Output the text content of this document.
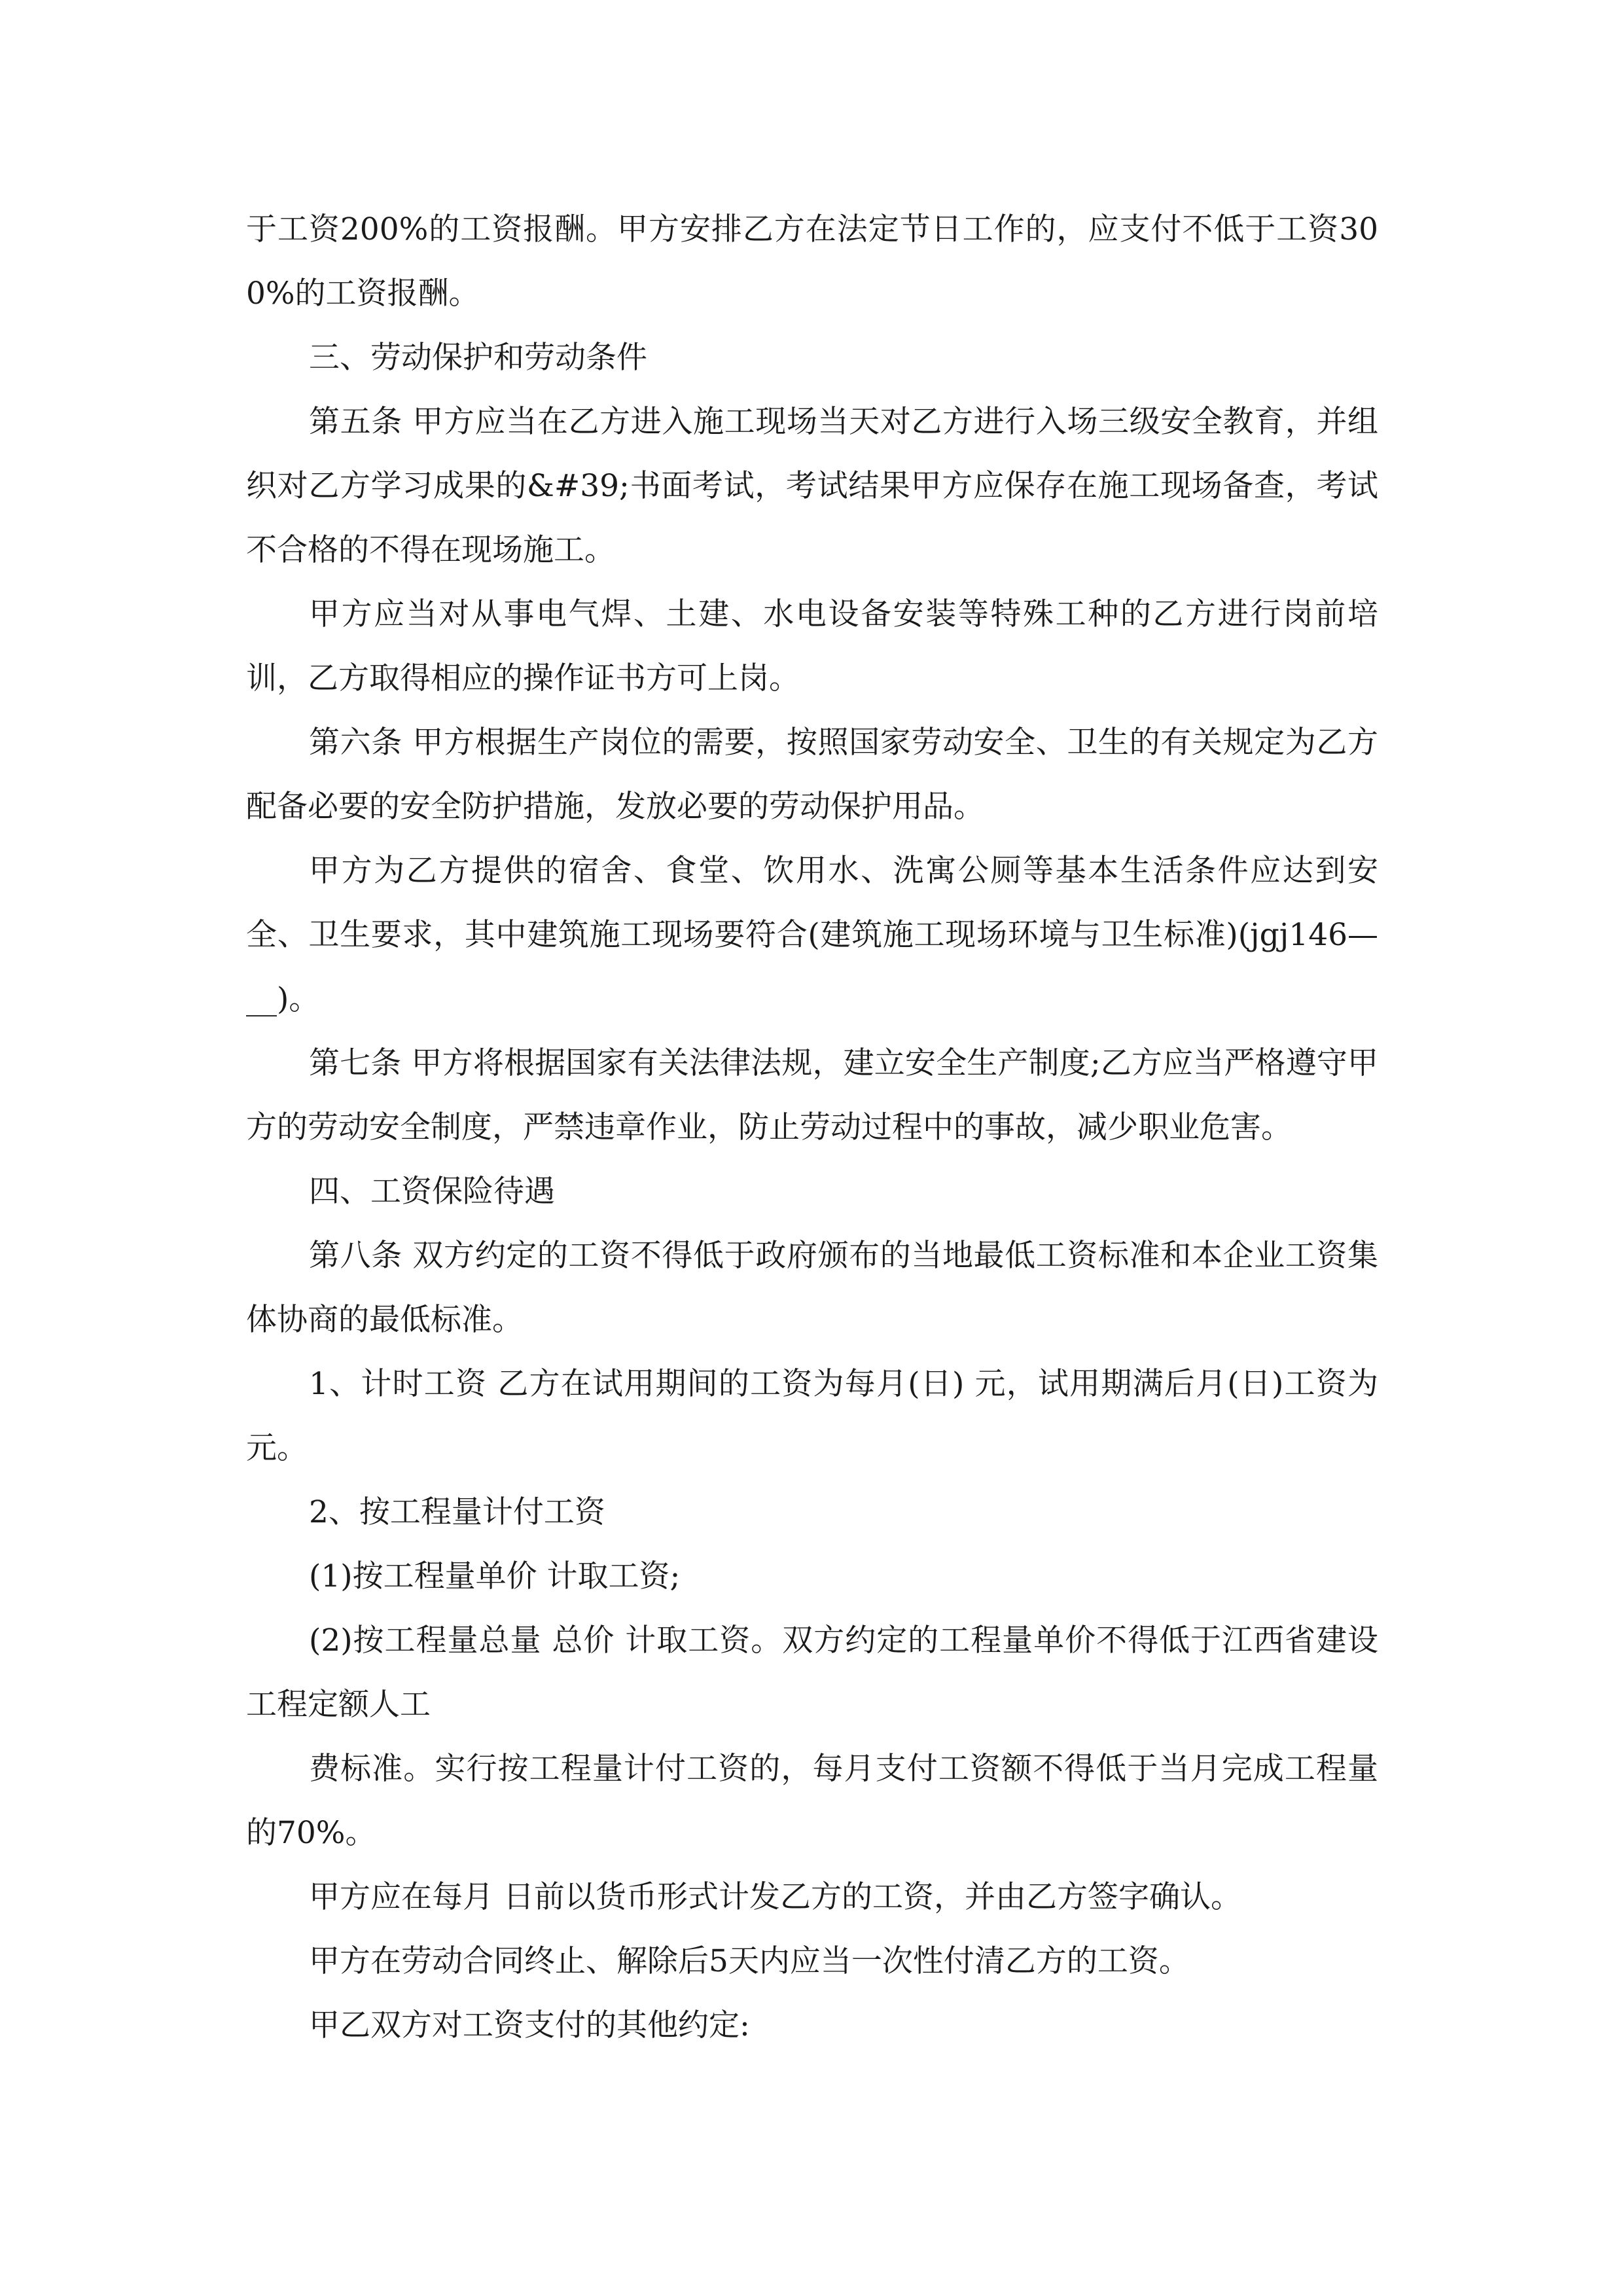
于工资200%的工资报酬。甲方安排乙方在法定节日工作的，应支付不低于工资300%的工资报酬。

三、劳动保护和劳动条件

第五条 甲方应当在乙方进入施工现场当天对乙方进行入场三级安全教育，并组织对乙方学习成果的&#39;书面考试，考试结果甲方应保存在施工现场备查，考试不合格的不得在现场施工。

甲方应当对从事电气焊、土建、水电设备安装等特殊工种的乙方进行岗前培训，乙方取得相应的操作证书方可上岗。

第六条 甲方根据生产岗位的需要，按照国家劳动安全、卫生的有关规定为乙方配备必要的安全防护措施，发放必要的劳动保护用品。

甲方为乙方提供的宿舍、食堂、饮用水、洗寓公厕等基本生活条件应达到安全、卫生要求，其中建筑施工现场要符合(建筑施工现场环境与卫生标准)(jgj146—__)。

第七条 甲方将根据国家有关法律法规，建立安全生产制度;乙方应当严格遵守甲方的劳动安全制度，严禁违章作业，防止劳动过程中的事故，减少职业危害。

四、工资保险待遇

第八条 双方约定的工资不得低于政府颁布的当地最低工资标准和本企业工资集体协商的最低标准。

1、计时工资 乙方在试用期间的工资为每月(日) 元，试用期满后月(日)工资为 元。

2、按工程量计付工资

(1)按工程量单价 计取工资;

(2)按工程量总量 总价 计取工资。双方约定的工程量单价不得低于江西省建设工程定额人工

费标准。实行按工程量计付工资的，每月支付工资额不得低于当月完成工程量的70%。

甲方应在每月 日前以货币形式计发乙方的工资，并由乙方签字确认。

甲方在劳动合同终止、解除后5天内应当一次性付清乙方的工资。

甲乙双方对工资支付的其他约定:
